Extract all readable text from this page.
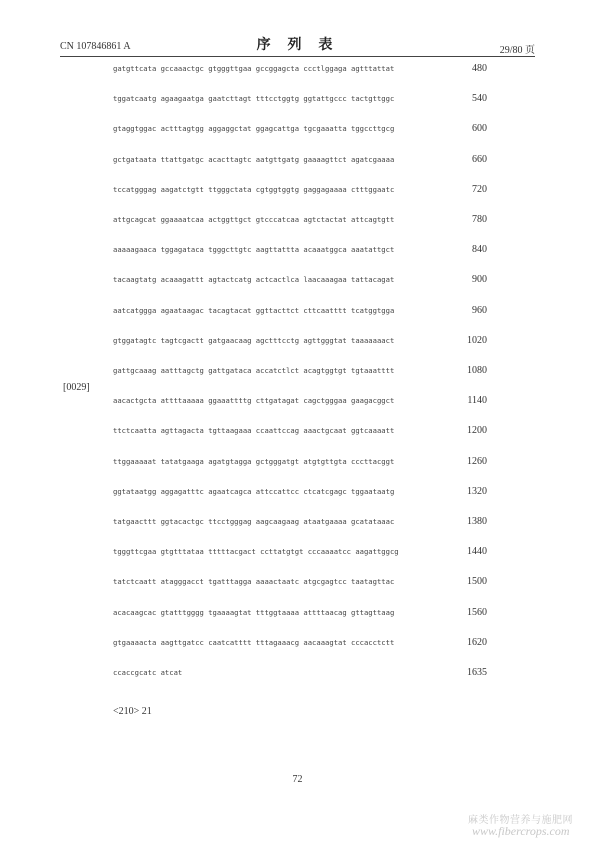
CN 107846861 A	序 列 表	29/80 页
gatgttcata gccaaactgc gtgggttgaa gccggagcta ccctlggaga agtttattat	480
tggatcaatg agaagaatga gaatcttagt tttcctggtg ggtattgccc tactgttggc	540
gtaggtggac actttagtgg aggaggctat ggagcattga tgcgaaatta tggccttgcg	600
gctgataata ttattgatgc acacttagtc aatgttgatg gaaaagttct agatcgaaaa	660
tccatgggag aagatctgtt ttgggctata cgtggtggtg gaggagaaaa ctttggaatc	720
attgcagcat ggaaaatcaa actggttgct gtcccatcaa agtctactat attcagtgtt	780
aaaaagaaca tggagataca tgggcttgtc aagttattta acaaatggca aaatattgct	840
tacaagtatg acaaagattt agtactcatg actcactlca laacaaagaa tattacagat	900
aatcatggga agaataagac tacagtacat ggttacttct cttcaatttt tcatggtgga	960
gtggatagtc tagtcgactt gatgaacaag agctttcctg agttgggtat taaaaaaact	1020
gattgcaaag aatttagctg gattgataca accatctlct acagtggtgt tgtaaatttt	1080
aacactgcta attttaaaaa ggaaattttg cttgatagat cagctgggaa gaagacggct	1140
ttctcaatta agttagacta tgttaagaaa ccaattccag aaactgcaat ggtcaaaatt	1200
ttggaaaaat tatatgaaga agatgtagga gctgggatgt atgtgttgta cccttacggt	1260
ggtataatgg aggagatttc agaatcagca attccattcc ctcatcgagc tggaataatg	1320
tatgaacttt ggtacactgc ttcctgggag aagcaagaag ataatgaaaa gcatataaac	1380
tgggttcgaa gtgtttataa tttttacgact ccttatgtgt cccaaaatcc aagattggcg	1440
tatctcaatt atagggacct tgatttagga aaaactaatc atgcgagtcc taatagttac	1500
acacaagcac gtatttgggg tgaaaagtat tttggtaaaa attttaacag gttagttaag	1560
gtgaaaacta aagttgatcc caatcatttt tttagaaacg aacaaagtat cccacctctt	1620
ccaccgcatc atcat	1635
[0029]
<210> 21
72
麻类作物营养与施肥网
www.fibercrops.com
